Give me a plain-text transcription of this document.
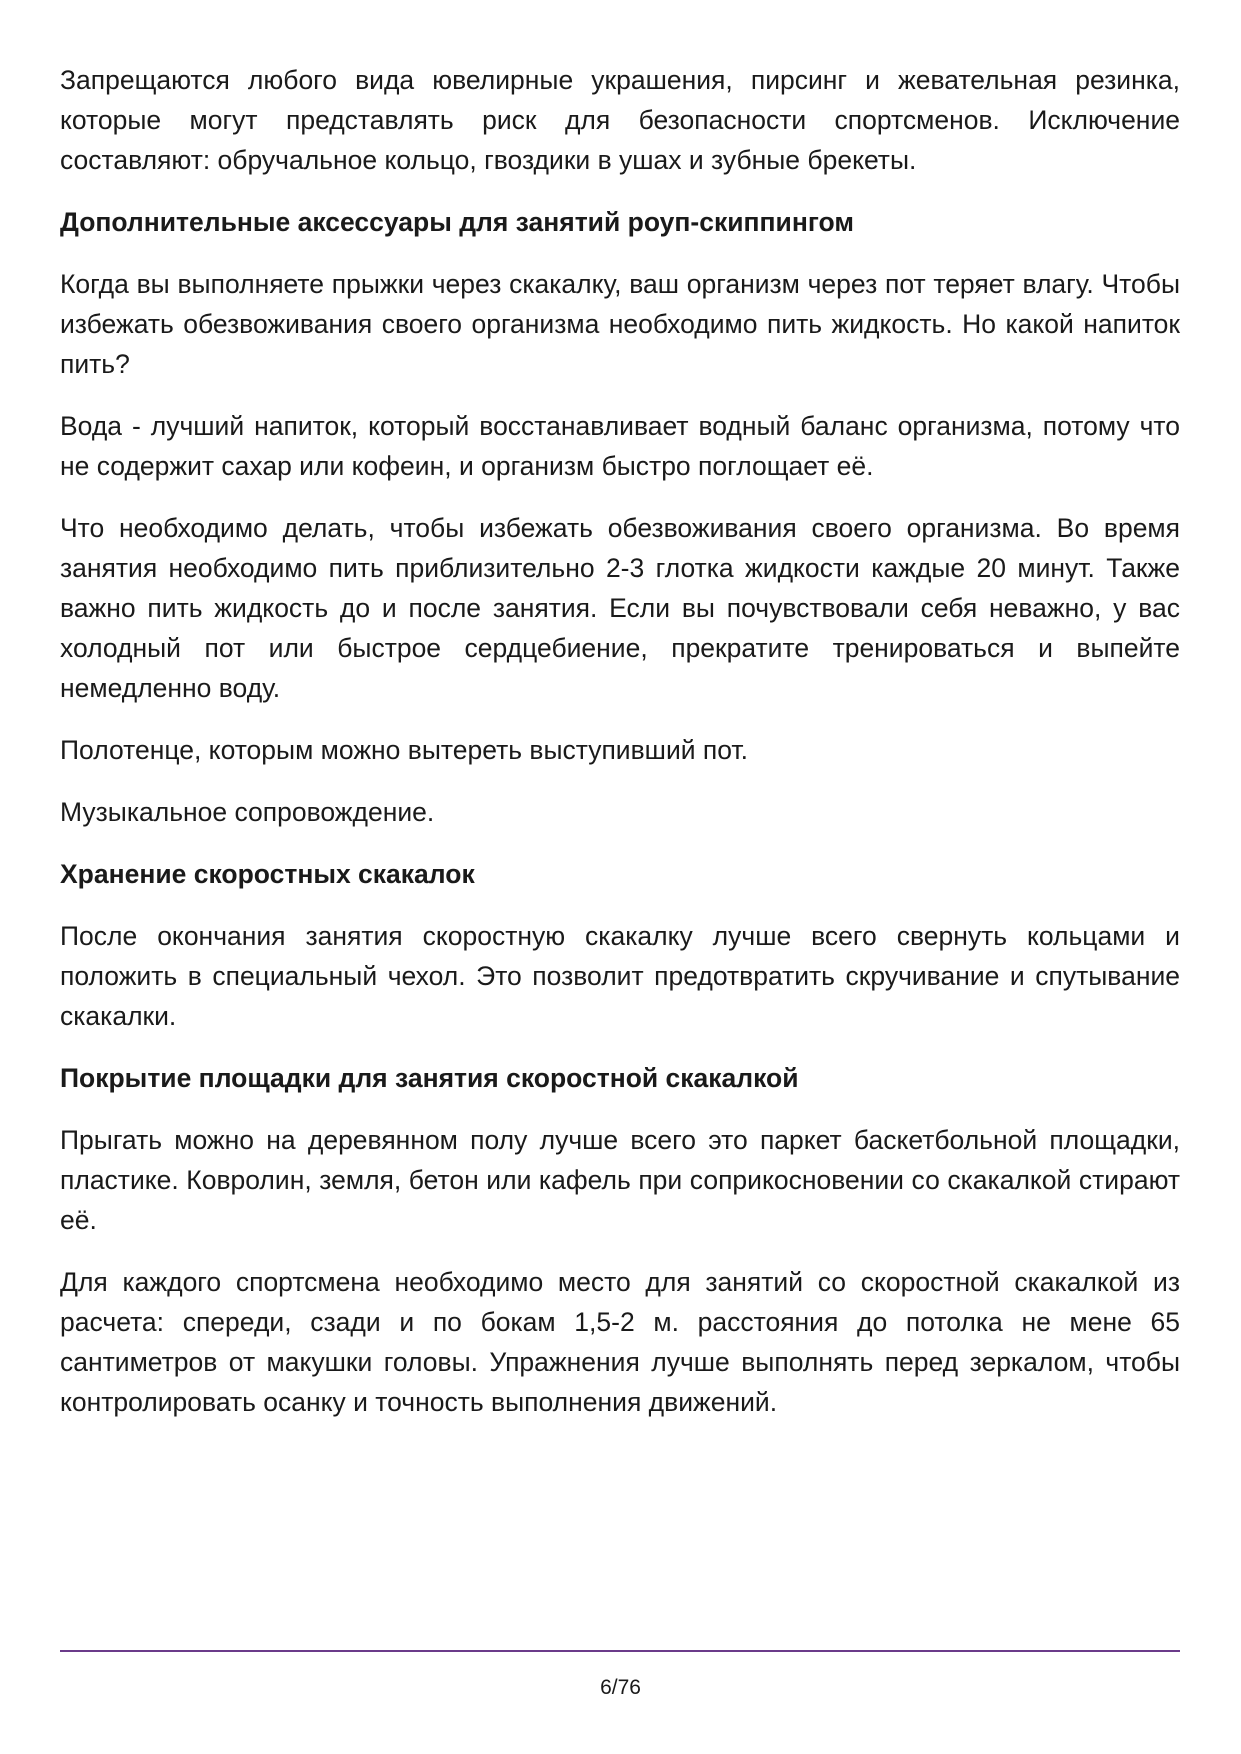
Запрещаются любого вида ювелирные украшения, пирсинг и жевательная резинка, которые могут представлять риск для безопасности спортсменов. Исключение составляют: обручальное кольцо, гвоздики в ушах и зубные брекеты.

Дополнительные аксессуары для занятий роуп-скиппингом

Когда вы выполняете прыжки через скакалку, ваш организм через пот теряет влагу. Чтобы избежать обезвоживания своего организма необходимо пить жидкость. Но какой напиток пить?

Вода - лучший напиток, который восстанавливает водный баланс организма, потому что не содержит сахар или кофеин, и организм быстро поглощает её.

Что необходимо делать, чтобы избежать обезвоживания своего организма. Во время занятия необходимо пить приблизительно 2-3 глотка жидкости каждые 20 минут. Также важно пить жидкость до и после занятия. Если вы почувствовали себя неважно, у вас холодный пот или быстрое сердцебиение, прекратите тренироваться и выпейте немедленно воду.

Полотенце, которым можно вытереть выступивший пот.

Музыкальное сопровождение.

Хранение скоростных скакалок

После окончания занятия скоростную скакалку лучше всего свернуть кольцами и положить в специальный чехол. Это позволит предотвратить скручивание и спутывание скакалки.

Покрытие площадки для занятия скоростной скакалкой

Прыгать можно на деревянном полу лучше всего это паркет баскетбольной площадки, пластике. Ковролин, земля, бетон или кафель при соприкосновении со скакалкой стирают её.

Для каждого спортсмена необходимо место для занятий со скоростной скакалкой из расчета: спереди, сзади и по бокам 1,5-2 м. расстояния до потолка не мене 65 сантиметров от макушки головы. Упражнения лучше выполнять перед зеркалом, чтобы контролировать осанку и точность выполнения движений.

6/76
